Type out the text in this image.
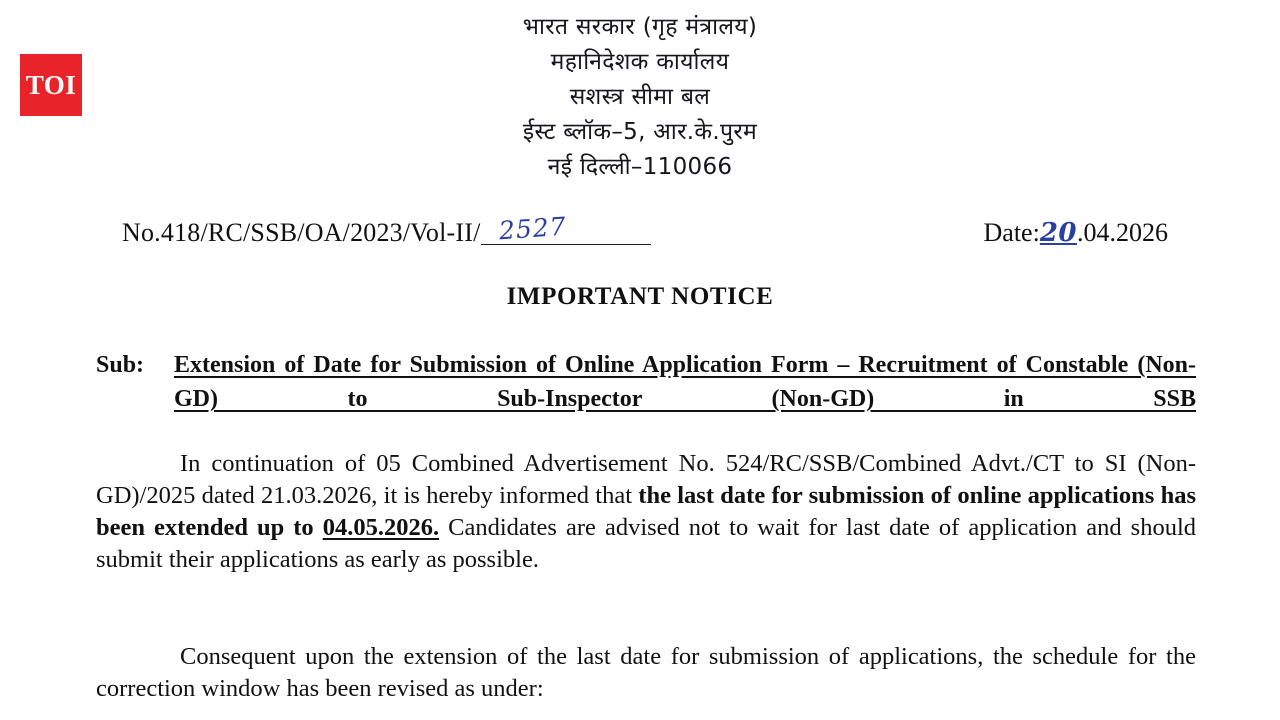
TOI
भारत सरकार (गृह मंत्रालय)
महानिदेशक कार्यालय
सशस्त्र सीमा बल
ईस्ट ब्लॉक–5, आर.के.पुरम
नई दिल्ली–110066
No.418/RC/SSB/OA/2023/Vol-II/ 2527	Date:20.04.2026
IMPORTANT NOTICE
Sub: Extension of Date for Submission of Online Application Form – Recruitment of Constable (Non-GD) to Sub-Inspector (Non-GD) in SSB
In continuation of 05 Combined Advertisement No. 524/RC/SSB/Combined Advt./CT to SI (Non-GD)/2025 dated 21.03.2026, it is hereby informed that the last date for submission of online applications has been extended up to 04.05.2026. Candidates are advised not to wait for last date of application and should submit their applications as early as possible.
Consequent upon the extension of the last date for submission of applications, the schedule for the correction window has been revised as under:
